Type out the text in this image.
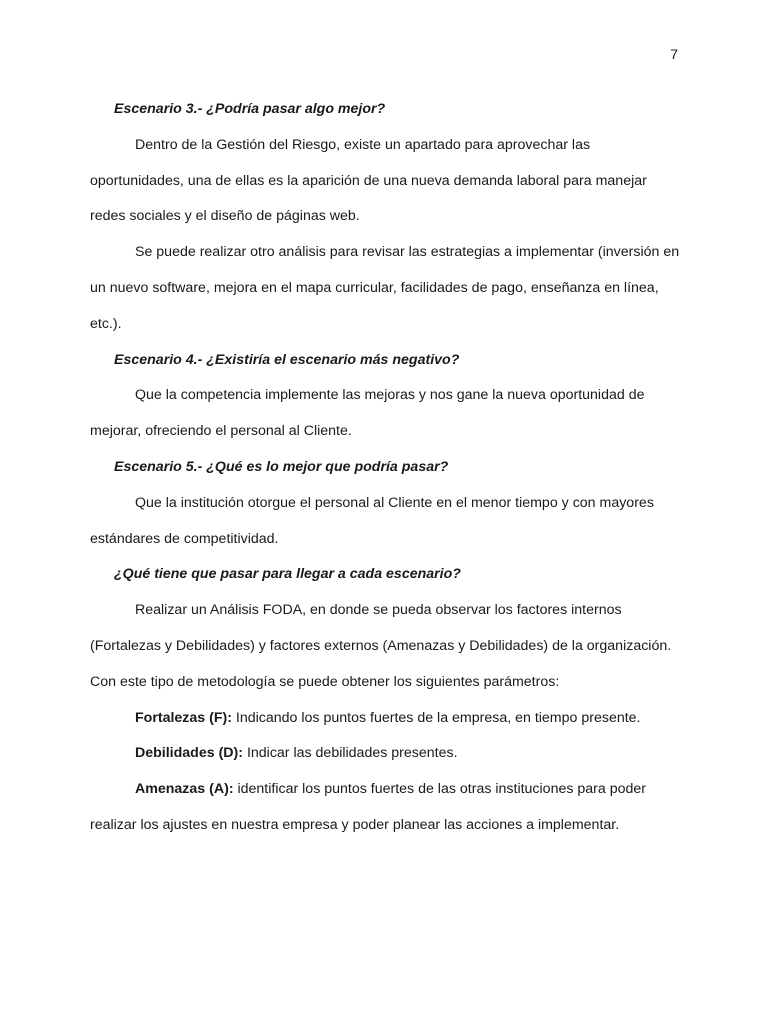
7

Escenario 3.- ¿Podría pasar algo mejor?

Dentro de la Gestión del Riesgo, existe un apartado para aprovechar las oportunidades, una de ellas es la aparición de una nueva demanda laboral para manejar redes sociales y el diseño de páginas web.

Se puede realizar otro análisis para revisar las estrategias a implementar (inversión en un nuevo software, mejora en el mapa curricular, facilidades de pago, enseñanza en línea, etc.).

Escenario 4.- ¿Existiría el escenario más negativo?

Que la competencia implemente las mejoras y nos gane la nueva oportunidad de mejorar, ofreciendo el personal al Cliente.

Escenario 5.- ¿Qué es lo mejor que podría pasar?

Que la institución otorgue el personal al Cliente en el menor tiempo y con mayores estándares de competitividad.

¿Qué tiene que pasar para llegar a cada escenario?

Realizar un Análisis FODA, en donde se pueda observar los factores internos (Fortalezas y Debilidades) y factores externos (Amenazas y Debilidades) de la organización. Con este tipo de metodología se puede obtener los siguientes parámetros:

Fortalezas (F): Indicando los puntos fuertes de la empresa, en tiempo presente.

Debilidades (D): Indicar las debilidades presentes.

Amenazas (A): identificar los puntos fuertes de las otras instituciones para poder realizar los ajustes en nuestra empresa y poder planear las acciones a implementar.
